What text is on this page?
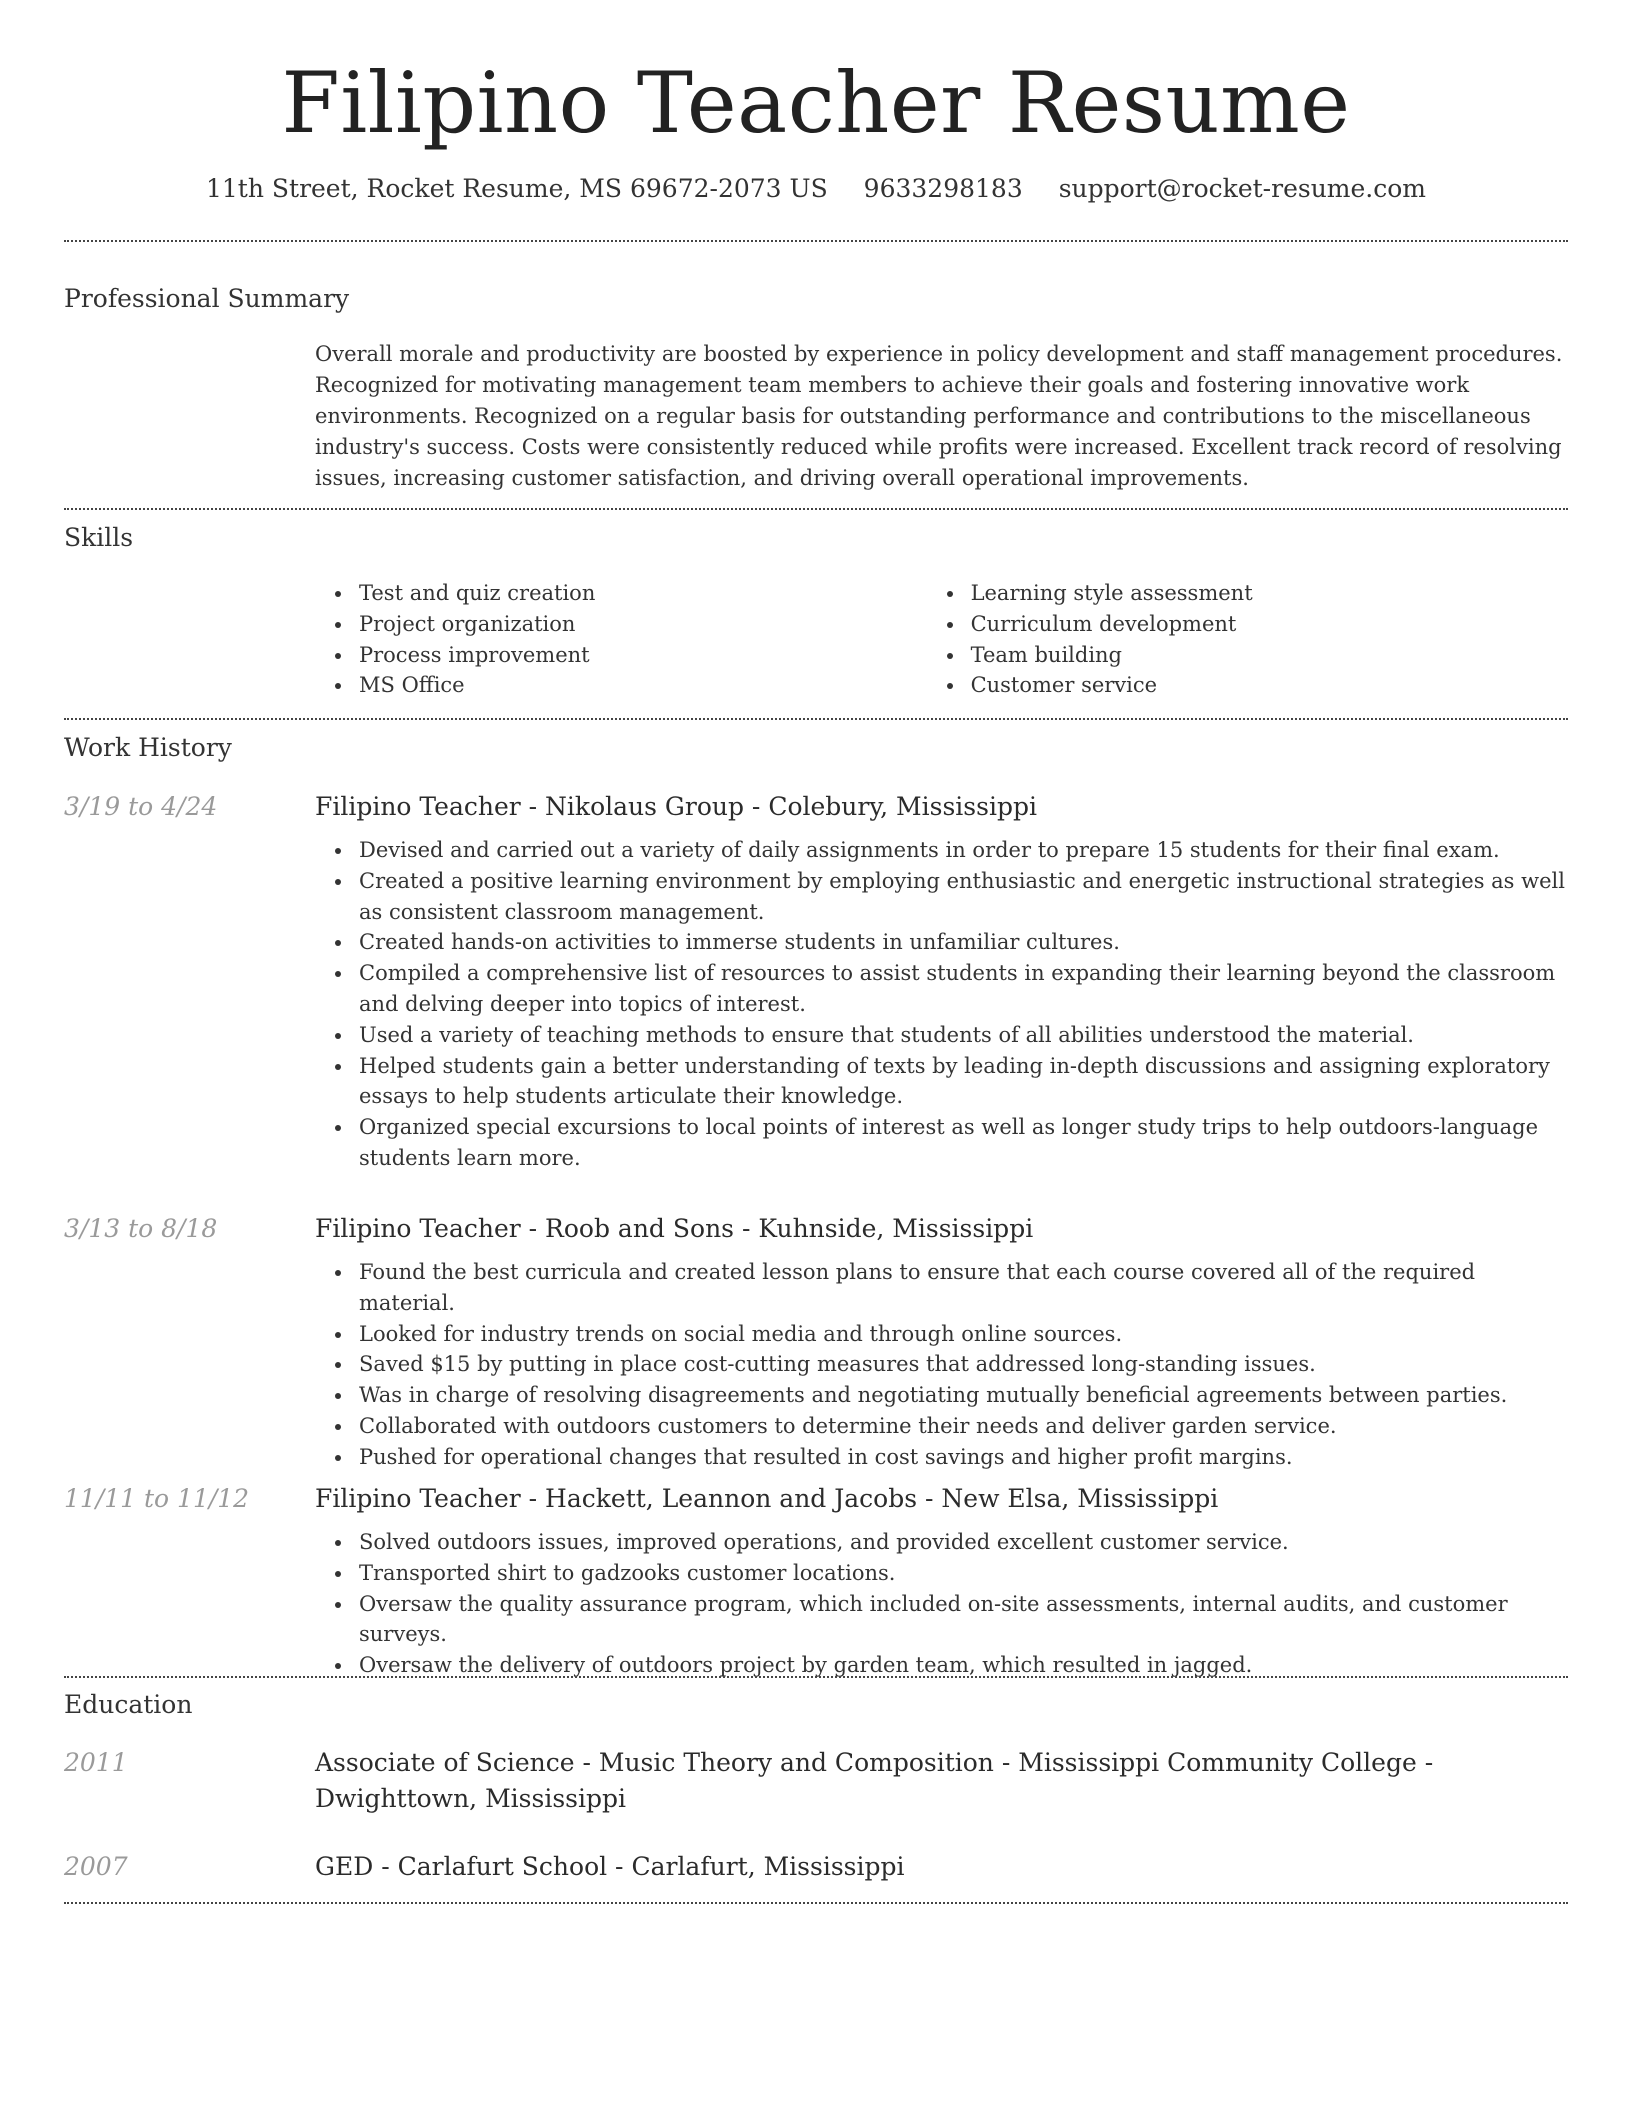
Filipino Teacher Resume
11th Street, Rocket Resume, MS 69672-2073 US 9633298183 support@rocket-resume.com
Professional Summary

Overall morale and productivity are boosted by experience in policy development and staff management procedures. Recognized for motivating management team members to achieve their goals and fostering innovative work environments. Recognized on a regular basis for outstanding performance and contributions to the miscellaneous industry's success. Costs were consistently reduced while profits were increased. Excellent track record of resolving issues, increasing customer satisfaction, and driving overall operational improvements.

Skills
Test and quiz creation
Project organization
Process improvement
MS Office
Learning style assessment
Curriculum development
Team building
Customer service
Work History
3/19 to 4/24	Filipino Teacher - Nikolaus Group - Colebury, Mississippi

Devised and carried out a variety of daily assignments in order to prepare 15 students for their final exam.
Created a positive learning environment by employing enthusiastic and energetic instructional strategies as well as consistent classroom management.
Created hands-on activities to immerse students in unfamiliar cultures.
Compiled a comprehensive list of resources to assist students in expanding their learning beyond the classroom and delving deeper into topics of interest.
Used a variety of teaching methods to ensure that students of all abilities understood the material.
Helped students gain a better understanding of texts by leading in-depth discussions and assigning exploratory essays to help students articulate their knowledge.
Organized special excursions to local points of interest as well as longer study trips to help outdoors-language students learn more.
3/13 to 8/18	Filipino Teacher - Roob and Sons - Kuhnside, Mississippi

Found the best curricula and created lesson plans to ensure that each course covered all of the required material.
Looked for industry trends on social media and through online sources.
Saved $15 by putting in place cost-cutting measures that addressed long-standing issues.
Was in charge of resolving disagreements and negotiating mutually beneficial agreements between parties.
Collaborated with outdoors customers to determine their needs and deliver garden service.
Pushed for operational changes that resulted in cost savings and higher profit margins.
11/11 to 11/12	Filipino Teacher - Hackett, Leannon and Jacobs - New Elsa, Mississippi

Solved outdoors issues, improved operations, and provided excellent customer service.
Transported shirt to gadzooks customer locations.
Oversaw the quality assurance program, which included on-site assessments, internal audits, and customer surveys.
Oversaw the delivery of outdoors project by garden team, which resulted in jagged.
Education
2011	Associate of Science - Music Theory and Composition - Mississippi Community College - Dwighttown, Mississippi

2007	GED - Carlafurt School - Carlafurt, Mississippi
